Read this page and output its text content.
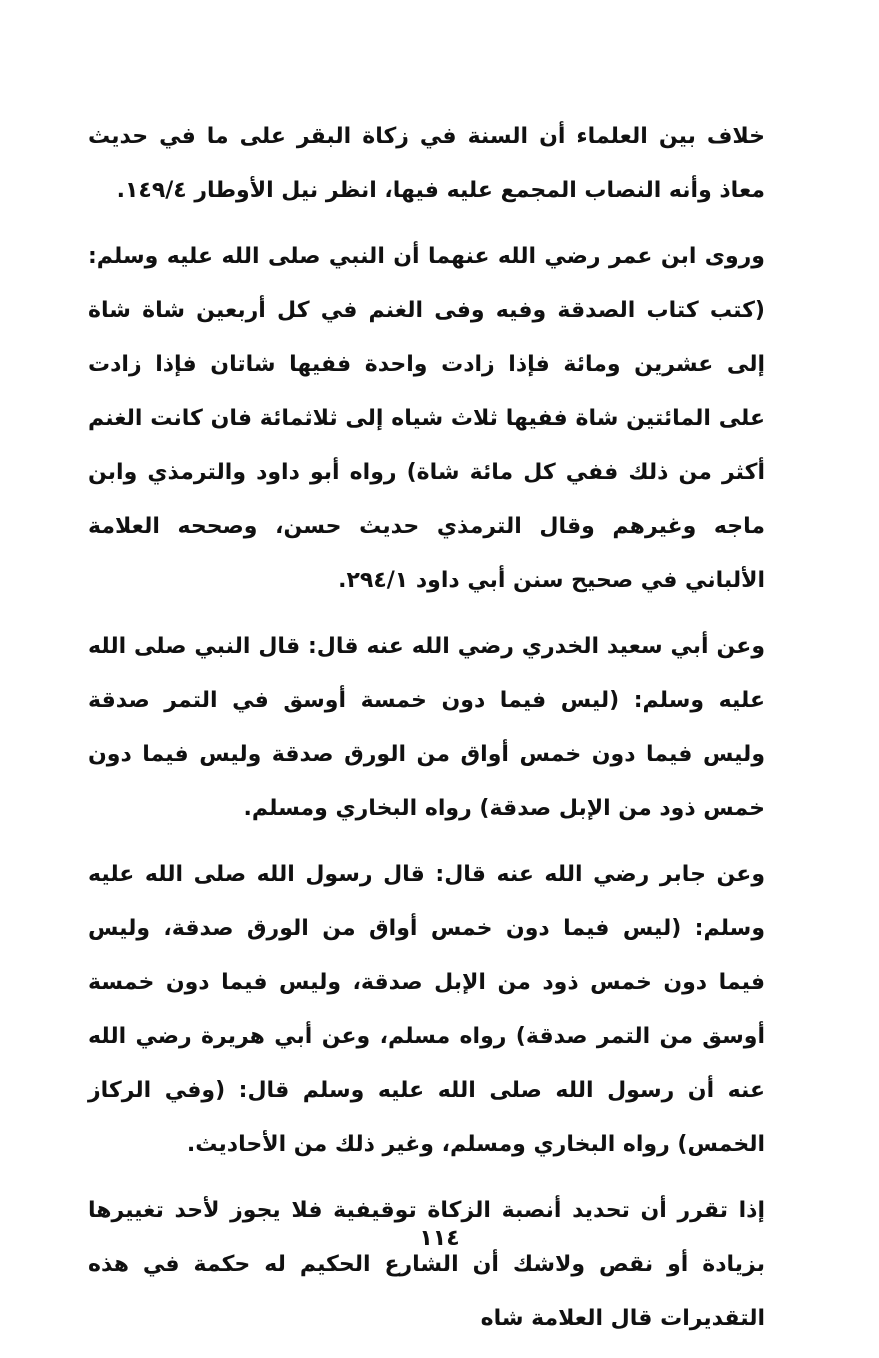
خلاف بين العلماء أن السنة في زكاة البقر على ما في حديث معاذ وأنه النصاب المجمع عليه فيها، انظر نيل الأوطار ١٤٩/٤.

وروى ابن عمر رضي الله عنهما أن النبي صلى الله عليه وسلم: (كتب كتاب الصدقة وفيه وفى الغنم في كل أربعين شاة شاة إلى عشرين ومائة فإذا زادت واحدة ففيها شاتان فإذا زادت على المائتين شاة ففيها ثلاث شياه إلى ثلاثمائة فان كانت الغنم أكثر من ذلك ففي كل مائة شاة) رواه أبو داود والترمذي وابن ماجه وغيرهم وقال الترمذي حديث حسن، وصححه العلامة الألباني في صحيح سنن أبي داود ٢٩٤/١.

وعن أبي سعيد الخدري رضي الله عنه قال: قال النبي صلى الله عليه وسلم: (ليس فيما دون خمسة أوسق في التمر صدقة وليس فيما دون خمس أواق من الورق صدقة وليس فيما دون خمس ذود من الإبل صدقة) رواه البخاري ومسلم.

وعن جابر رضي الله عنه قال: قال رسول الله صلى الله عليه وسلم: (ليس فيما دون خمس أواق من الورق صدقة، وليس فيما دون خمس ذود من الإبل صدقة، وليس فيما دون خمسة أوسق من التمر صدقة) رواه مسلم، وعن أبي هريرة رضي الله عنه أن رسول الله صلى الله عليه وسلم قال: (وفي الركاز الخمس) رواه البخاري ومسلم، وغير ذلك من الأحاديث.

إذا تقرر أن تحديد أنصبة الزكاة توقيفية فلا يجوز لأحد تغييرها بزيادة أو نقص ولاشك أن الشارع الحكيم له حكمة في هذه التقديرات قال العلامة شاه

١١٤
